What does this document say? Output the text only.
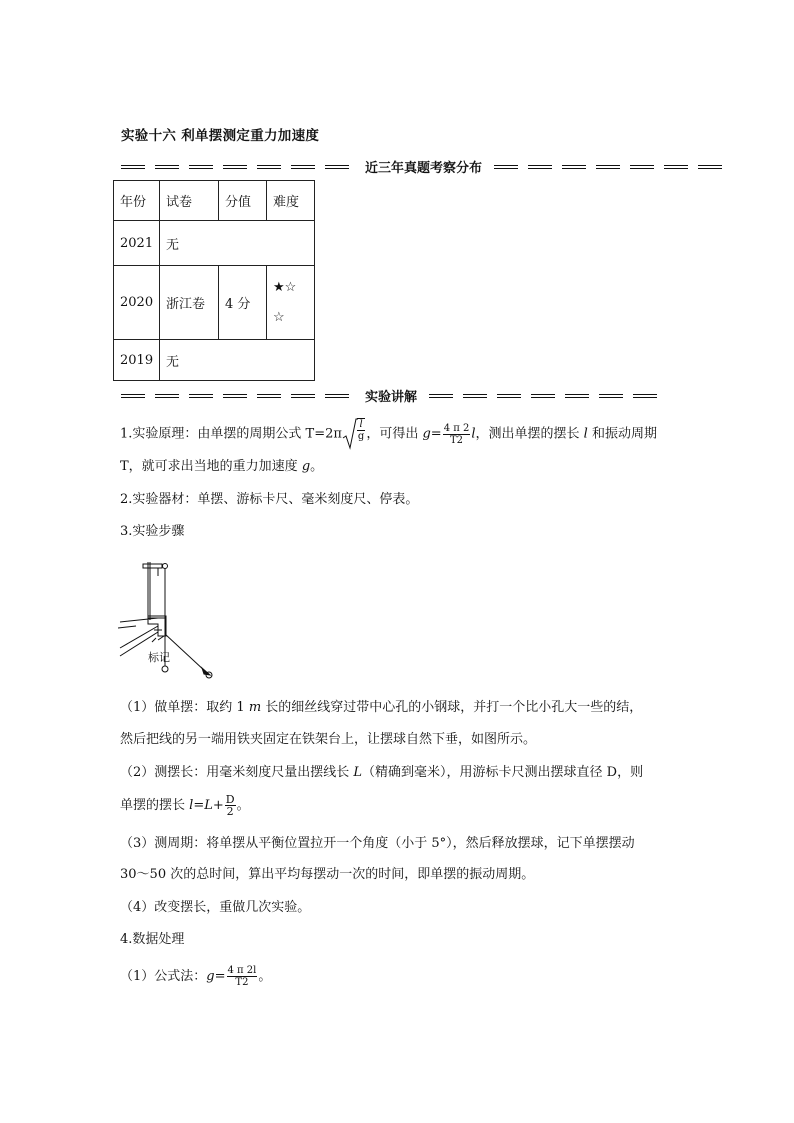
实验十六 利单摆测定重力加速度
近三年真题考察分布
年份	试卷	分值	难度
2021	无		
2020	浙江卷	4 分	★☆
☆

2019	无		
实验讲解
1.实验原理：由单摆的周期公式 $T=2\pi \frac{l}{g}$ ，可得出 $g= \frac{4 \pi 2}{T2}$ l，测出单摆的摆长 l 和振动周期
T，就可求出当地的重力加速度 g。
2.实验器材：单摆、游标卡尺、毫米刻度尺、停表。
3.实验步骤
标记
（1）做单摆：取约 1 m 长的细丝线穿过带中心孔的小钢球，并打一个比小孔大一些的结，
然后把线的另一端用铁夹固定在铁架台上，让摆球自然下垂，如图所示。
（2）测摆长：用毫米刻度尺量出摆线长 L（精确到毫米），用游标卡尺测出摆球直径 D，则
单摆的摆长 $l=L+ \frac{D}{2}$ 。
（3）测周期：将单摆从平衡位置拉开一个角度（小于 5°），然后释放摆球，记下单摆摆动
30～50 次的总时间，算出平均每摆动一次的时间，即单摆的振动周期。
（4）改变摆长，重做几次实验。
4.数据处理
（1）公式法：$g= \frac{4 \pi 2l}{T2}$ 。
